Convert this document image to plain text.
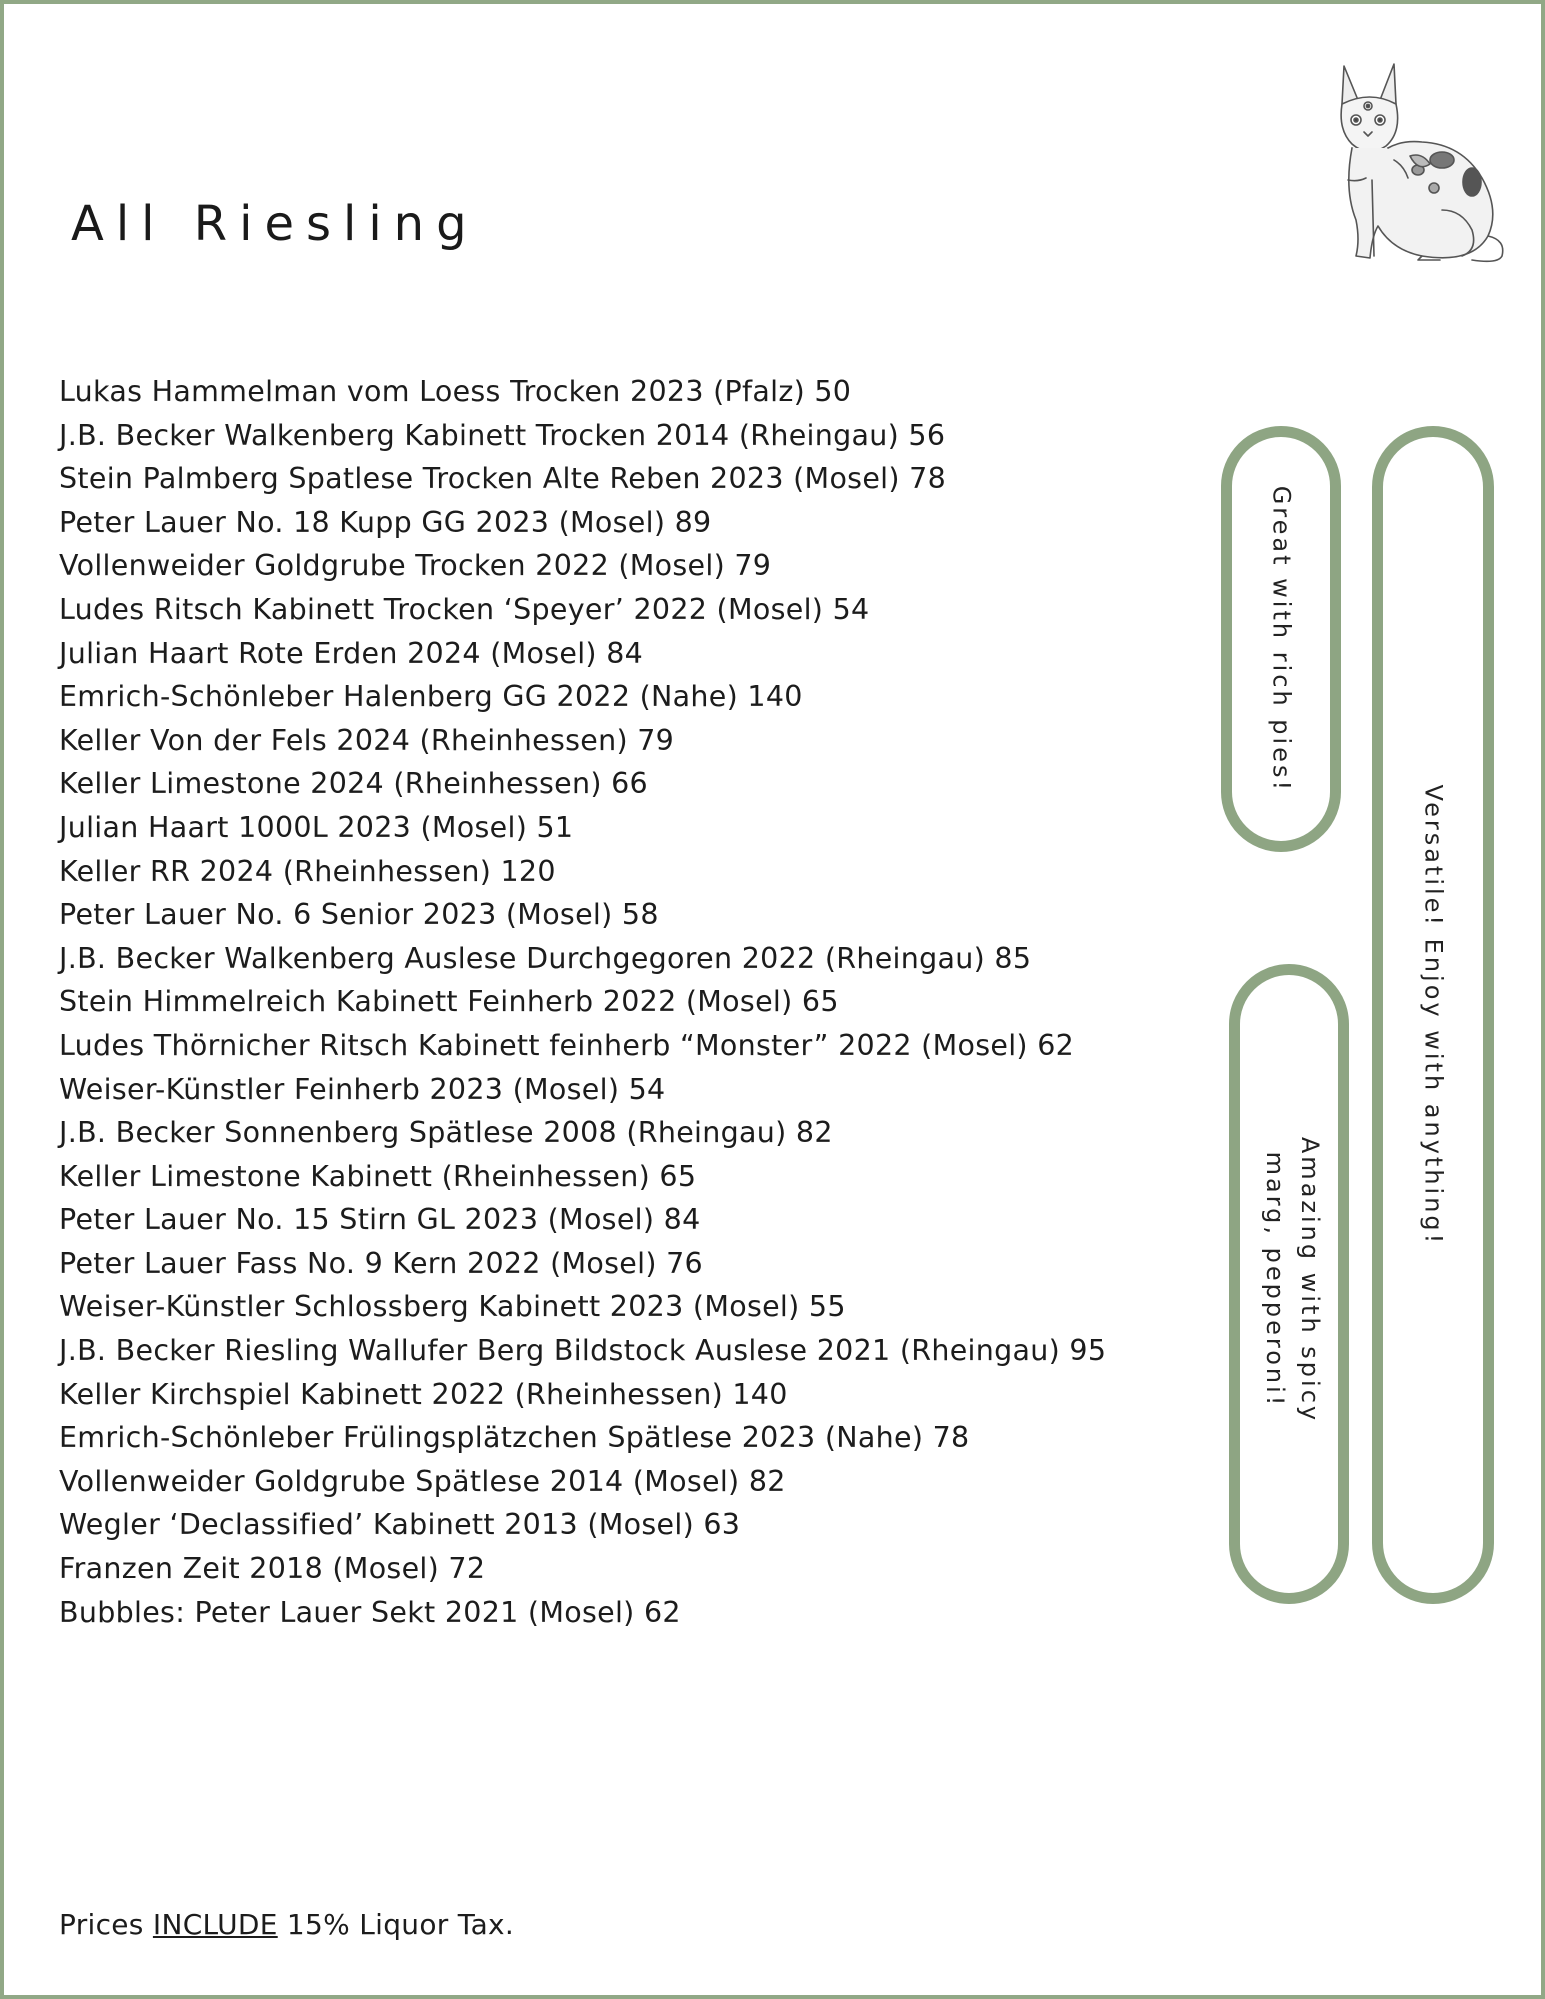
All Riesling
Lukas Hammelman vom Loess Trocken 2023 (Pfalz) 50
J.B. Becker Walkenberg Kabinett Trocken 2014 (Rheingau) 56
Stein Palmberg Spatlese Trocken Alte Reben 2023 (Mosel) 78
Peter Lauer No. 18 Kupp GG 2023 (Mosel) 89
Vollenweider Goldgrube Trocken 2022 (Mosel) 79
Ludes Ritsch Kabinett Trocken ‘Speyer’ 2022 (Mosel) 54
Julian Haart Rote Erden 2024 (Mosel) 84
Emrich-Schönleber Halenberg GG 2022 (Nahe) 140
Keller Von der Fels 2024 (Rheinhessen) 79
Keller Limestone 2024 (Rheinhessen) 66
Julian Haart 1000L 2023 (Mosel) 51
Keller RR 2024 (Rheinhessen) 120
Peter Lauer No. 6 Senior 2023 (Mosel) 58
J.B. Becker Walkenberg Auslese Durchgegoren 2022 (Rheingau) 85
Stein Himmelreich Kabinett Feinherb 2022 (Mosel) 65
Ludes Thörnicher Ritsch Kabinett feinherb “Monster” 2022 (Mosel) 62
Weiser-Künstler Feinherb 2023 (Mosel) 54
J.B. Becker Sonnenberg Spätlese 2008 (Rheingau) 82
Keller Limestone Kabinett (Rheinhessen) 65
Peter Lauer No. 15 Stirn GL 2023 (Mosel) 84
Peter Lauer Fass No. 9 Kern 2022 (Mosel) 76
Weiser-Künstler Schlossberg Kabinett 2023 (Mosel) 55
J.B. Becker Riesling Wallufer Berg Bildstock Auslese 2021 (Rheingau) 95
Keller Kirchspiel Kabinett 2022 (Rheinhessen) 140
Emrich-Schönleber Frülingsplätzchen Spätlese 2023 (Nahe) 78
Vollenweider Goldgrube Spätlese 2014 (Mosel) 82
Wegler ‘Declassified’ Kabinett 2013 (Mosel) 63
Franzen Zeit 2018 (Mosel) 72
Bubbles: Peter Lauer Sekt 2021 (Mosel) 62
Great with rich pies!
Amazing with spicy
marg, pepperoni!
Versatile! Enjoy with anything!
Prices INCLUDE 15% Liquor Tax.
